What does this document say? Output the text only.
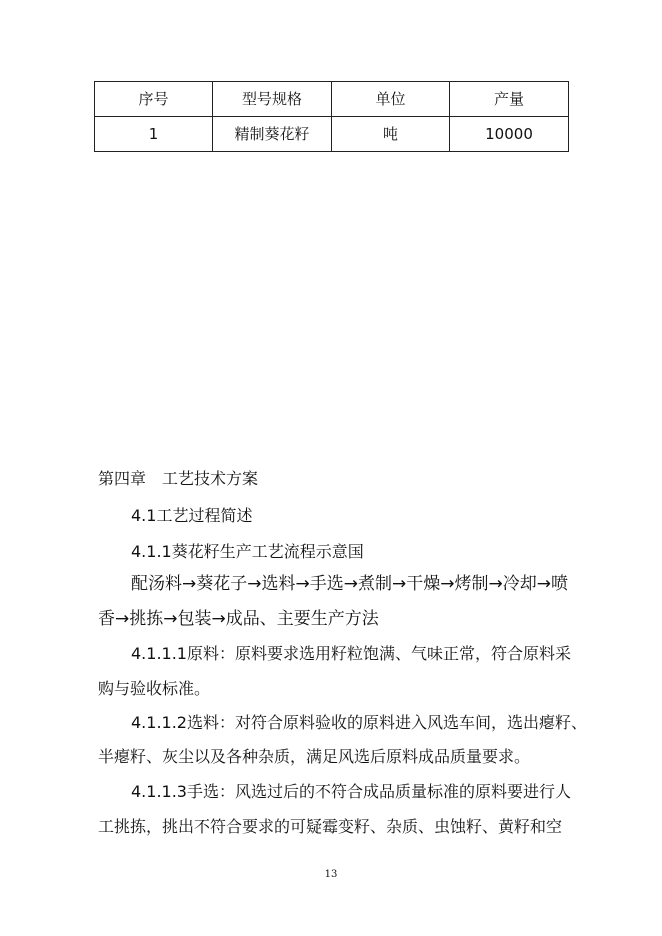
序号	型号规格	单位	产量
1	精制葵花籽	吨	10000
第四章　工艺技术方案
4.1工艺过程简述
4.1.1葵花籽生产工艺流程示意国
配汤料→葵花子→选料→手选→煮制→干燥→烤制→冷却→喷
香→挑拣→包装→成品、主要生产方法
4.1.1.1原料：原料要求选用籽粒饱满、气味正常，符合原料采
购与验收标准。
4.1.1.2选料：对符合原料验收的原料进入风选车间，选出瘪籽、
半瘪籽、灰尘以及各种杂质，满足风选后原料成品质量要求。
4.1.1.3手选：风选过后的不符合成品质量标准的原料要进行人
工挑拣，挑出不符合要求的可疑霉变籽、杂质、虫蚀籽、黄籽和空
13
